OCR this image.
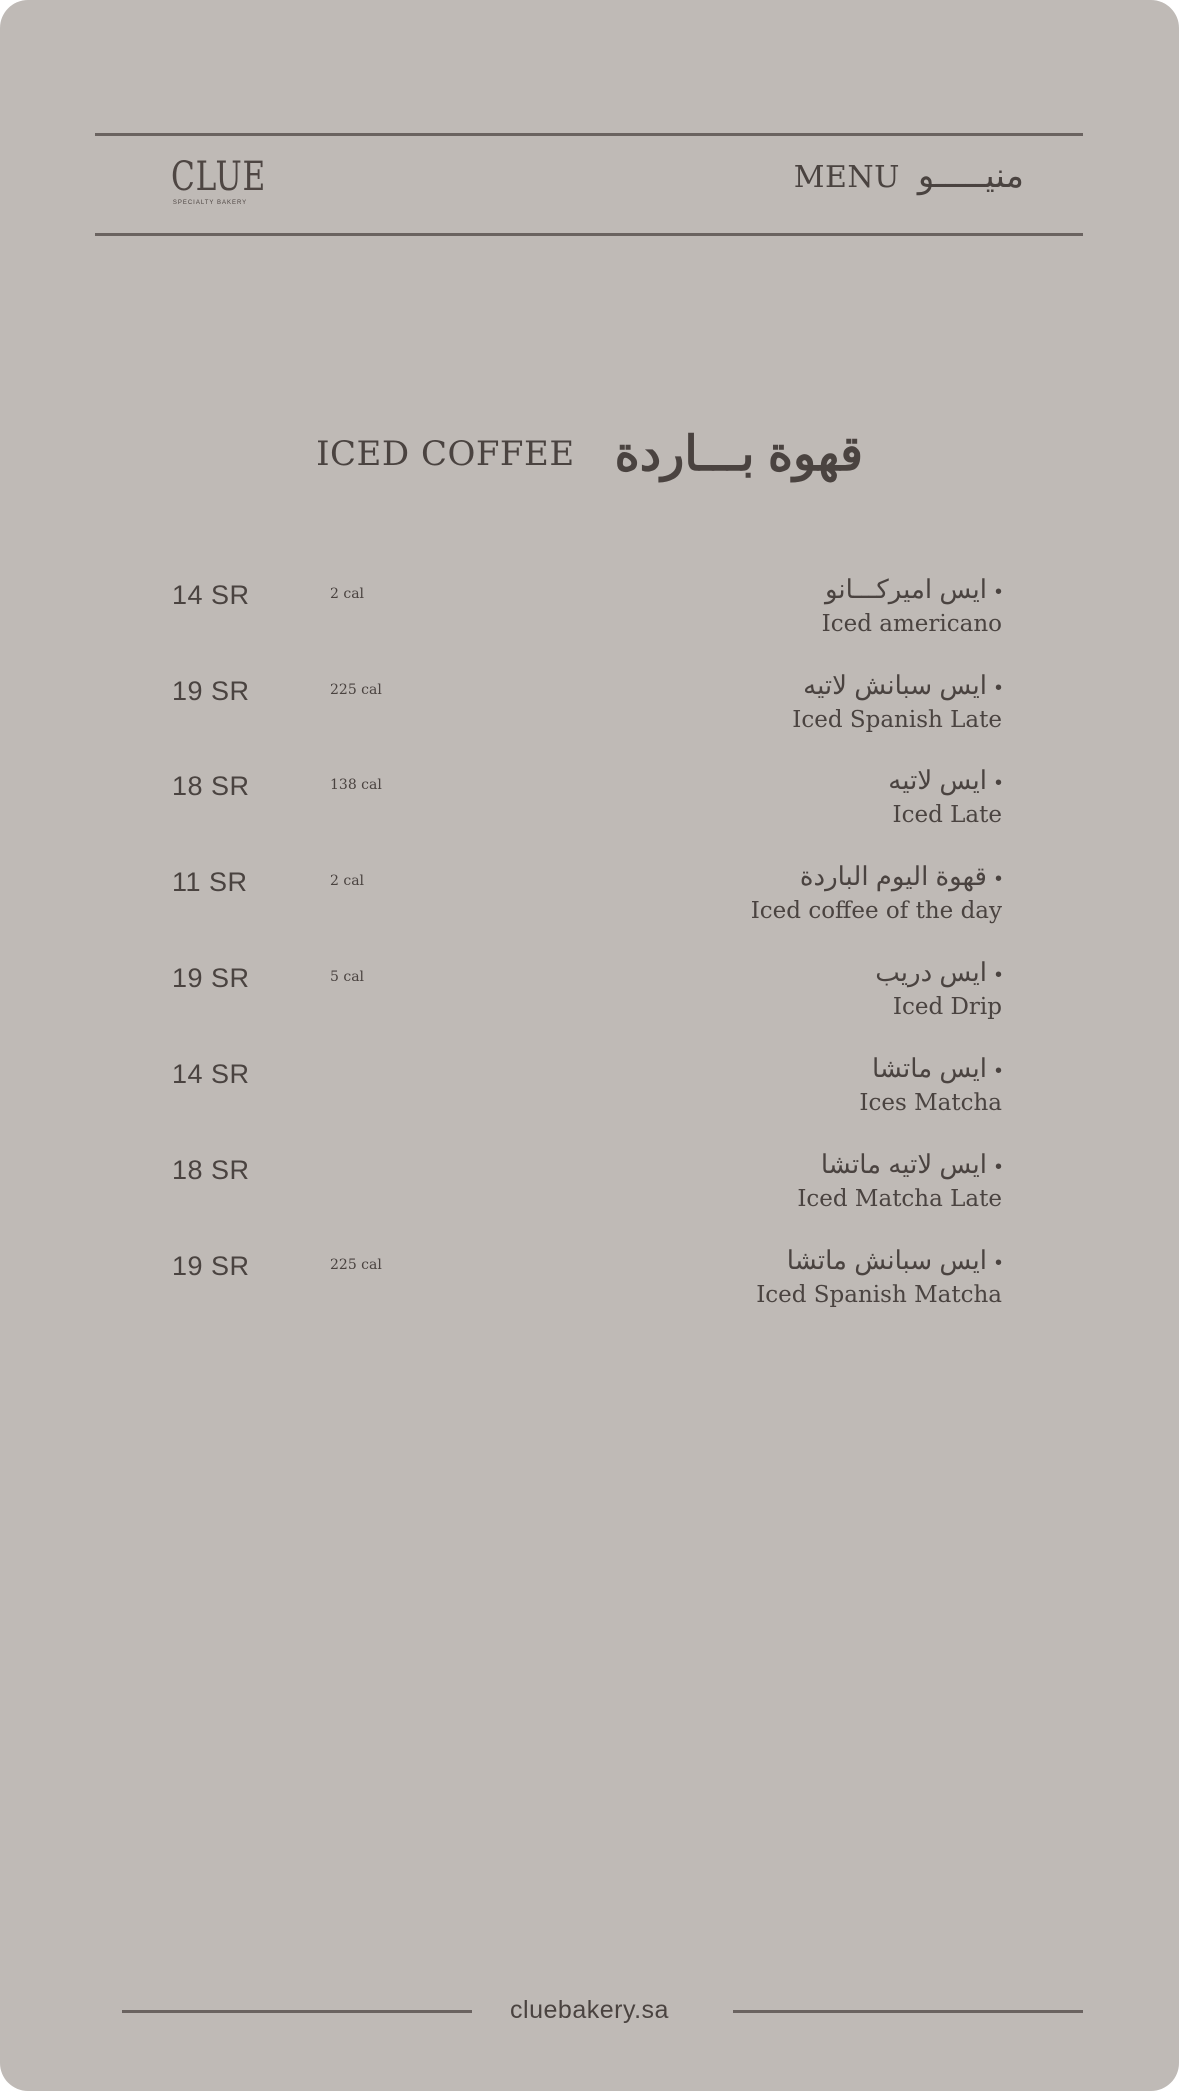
CLUE
SPECIALTY BAKERY
MENU منيـــــو
ICED COFFEE قهوة بـــاردة
14 SR	2 cal	•ايس اميركـــانو
Iced americano
19 SR	225 cal	•ايس سبانش لاتيه
Iced Spanish Late
18 SR	138 cal	•ايس لاتيه
Iced Late
11 SR	2 cal	•قهوة اليوم الباردة
Iced coffee of the day
19 SR	5 cal	•ايس دريب
Iced Drip
14 SR	•ايس ماتشا
Ices Matcha
18 SR	•ايس لاتيه ماتشا
Iced Matcha Late
19 SR	225 cal	•ايس سبانش ماتشا
Iced Spanish Matcha
cluebakery.sa
